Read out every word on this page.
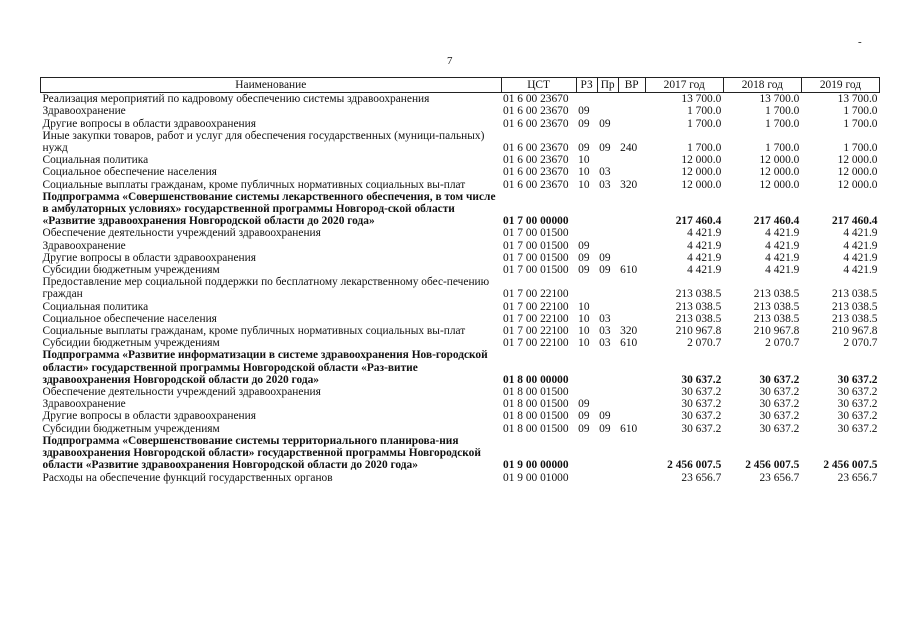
-
7
Наименование	ЦСТ	РЗ	Пр	ВР	2017 год	2018 год	2019 год
Реализация мероприятий по кадровому обеспечению системы здравоохранения	01 6 00 23670				13 700.0	13 700.0	13 700.0
Здравоохранение	01 6 00 23670	09			1 700.0	1 700.0	1 700.0
Другие вопросы в области здравоохранения	01 6 00 23670	09	09		1 700.0	1 700.0	1 700.0
Иные закупки товаров, работ и услуг для обеспечения государственных (муници-пальных) нужд	01 6 00 23670	09	09	240	1 700.0	1 700.0	1 700.0
Социальная политика	01 6 00 23670	10			12 000.0	12 000.0	12 000.0
Социальное обеспечение населения	01 6 00 23670	10	03		12 000.0	12 000.0	12 000.0
Социальные выплаты гражданам, кроме публичных нормативных социальных вы-плат	01 6 00 23670	10	03	320	12 000.0	12 000.0	12 000.0
Подпрограмма «Совершенствование системы лекарственного обеспечения, в том числе в амбулаторных условиях» государственной программы Новгород-ской области «Развитие здравоохранения Новгородской области до 2020 года»	01 7 00 00000				217 460.4	217 460.4	217 460.4
Обеспечение деятельности учреждений здравоохранения	01 7 00 01500				4 421.9	4 421.9	4 421.9
Здравоохранение	01 7 00 01500	09			4 421.9	4 421.9	4 421.9
Другие вопросы в области здравоохранения	01 7 00 01500	09	09		4 421.9	4 421.9	4 421.9
Субсидии бюджетным учреждениям	01 7 00 01500	09	09	610	4 421.9	4 421.9	4 421.9
Предоставление мер социальной поддержки по бесплатному лекарственному обес-печению граждан	01 7 00 22100				213 038.5	213 038.5	213 038.5
Социальная политика	01 7 00 22100	10			213 038.5	213 038.5	213 038.5
Социальное обеспечение населения	01 7 00 22100	10	03		213 038.5	213 038.5	213 038.5
Социальные выплаты гражданам, кроме публичных нормативных социальных вы-плат	01 7 00 22100	10	03	320	210 967.8	210 967.8	210 967.8
Субсидии бюджетным учреждениям	01 7 00 22100	10	03	610	2 070.7	2 070.7	2 070.7
Подпрограмма «Развитие информатизации в системе здравоохранения Нов-городской области» государственной программы Новгородской области «Раз-витие здравоохранения Новгородской области до 2020 года»	01 8 00 00000				30 637.2	30 637.2	30 637.2
Обеспечение деятельности учреждений здравоохранения	01 8 00 01500				30 637.2	30 637.2	30 637.2
Здравоохранение	01 8 00 01500	09			30 637.2	30 637.2	30 637.2
Другие вопросы в области здравоохранения	01 8 00 01500	09	09		30 637.2	30 637.2	30 637.2
Субсидии бюджетным учреждениям	01 8 00 01500	09	09	610	30 637.2	30 637.2	30 637.2
Подпрограмма «Совершенствование системы территориального планирова-ния здравоохранения Новгородской области» государственной программы Новгородской области «Развитие здравоохранения Новгородской области до 2020 года»	01 9 00 00000				2 456 007.5	2 456 007.5	2 456 007.5
Расходы на обеспечение функций государственных органов	01 9 00 01000				23 656.7	23 656.7	23 656.7
